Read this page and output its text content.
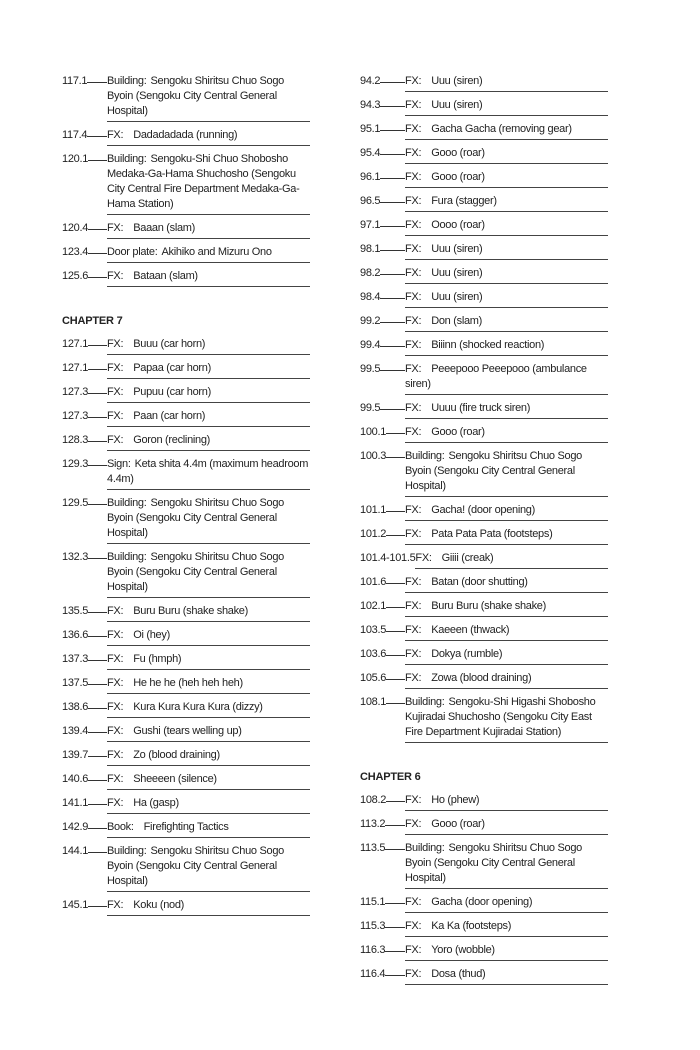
117.1 Building: Sengoku Shiritsu Chuo Sogo Byoin (Sengoku City Central General Hospital)
117.4 FX: Dadadadada (running)
120.1 Building: Sengoku-Shi Chuo Shobosho Medaka-Ga-Hama Shuchosho (Sengoku City Central Fire Department Medaka-Ga-Hama Station)
120.4 FX: Baaan (slam)
123.4 Door plate: Akihiko and Mizuru Ono
125.6 FX: Bataan (slam)
CHAPTER 7
127.1 FX: Buuu (car horn)
127.1 FX: Papaa (car horn)
127.3 FX: Pupuu (car horn)
127.3 FX: Paan (car horn)
128.3 FX: Goron (reclining)
129.3 Sign: Keta shita 4.4m (maximum headroom 4.4m)
129.5 Building: Sengoku Shiritsu Chuo Sogo Byoin (Sengoku City Central General Hospital)
132.3 Building: Sengoku Shiritsu Chuo Sogo Byoin (Sengoku City Central General Hospital)
135.5 FX: Buru Buru (shake shake)
136.6 FX: Oi (hey)
137.3 FX: Fu (hmph)
137.5 FX: He he he (heh heh heh)
138.6 FX: Kura Kura Kura Kura (dizzy)
139.4 FX: Gushi (tears welling up)
139.7 FX: Zo (blood draining)
140.6 FX: Sheeeen (silence)
141.1 FX: Ha (gasp)
142.9 Book: Firefighting Tactics
144.1 Building: Sengoku Shiritsu Chuo Sogo Byoin (Sengoku City Central General Hospital)
145.1 FX: Koku (nod)
94.2 FX: Uuu (siren)
94.3 FX: Uuu (siren)
95.1 FX: Gacha Gacha (removing gear)
95.4 FX: Gooo (roar)
96.1 FX: Gooo (roar)
96.5 FX: Fura (stagger)
97.1 FX: Oooo (roar)
98.1 FX: Uuu (siren)
98.2 FX: Uuu (siren)
98.4 FX: Uuu (siren)
99.2 FX: Don (slam)
99.4 FX: Biiinn (shocked reaction)
99.5 FX: Peeepooo Peeepooo (ambulance siren)
99.5 FX: Uuuu (fire truck siren)
100.1 FX: Gooo (roar)
100.3 Building: Sengoku Shiritsu Chuo Sogo Byoin (Sengoku City Central General Hospital)
101.1 FX: Gacha! (door opening)
101.2 FX: Pata Pata Pata (footsteps)
101.4-101.5 FX: Giiii (creak)
101.6 FX: Batan (door shutting)
102.1 FX: Buru Buru (shake shake)
103.5 FX: Kaeeen (thwack)
103.6 FX: Dokya (rumble)
105.6 FX: Zowa (blood draining)
108.1 Building: Sengoku-Shi Higashi Shobosho Kujiradai Shuchosho (Sengoku City East Fire Department Kujiradai Station)
CHAPTER 6
108.2 FX: Ho (phew)
113.2 FX: Gooo (roar)
113.5 Building: Sengoku Shiritsu Chuo Sogo Byoin (Sengoku City Central General Hospital)
115.1 FX: Gacha (door opening)
115.3 FX: Ka Ka (footsteps)
116.3 FX: Yoro (wobble)
116.4 FX: Dosa (thud)
